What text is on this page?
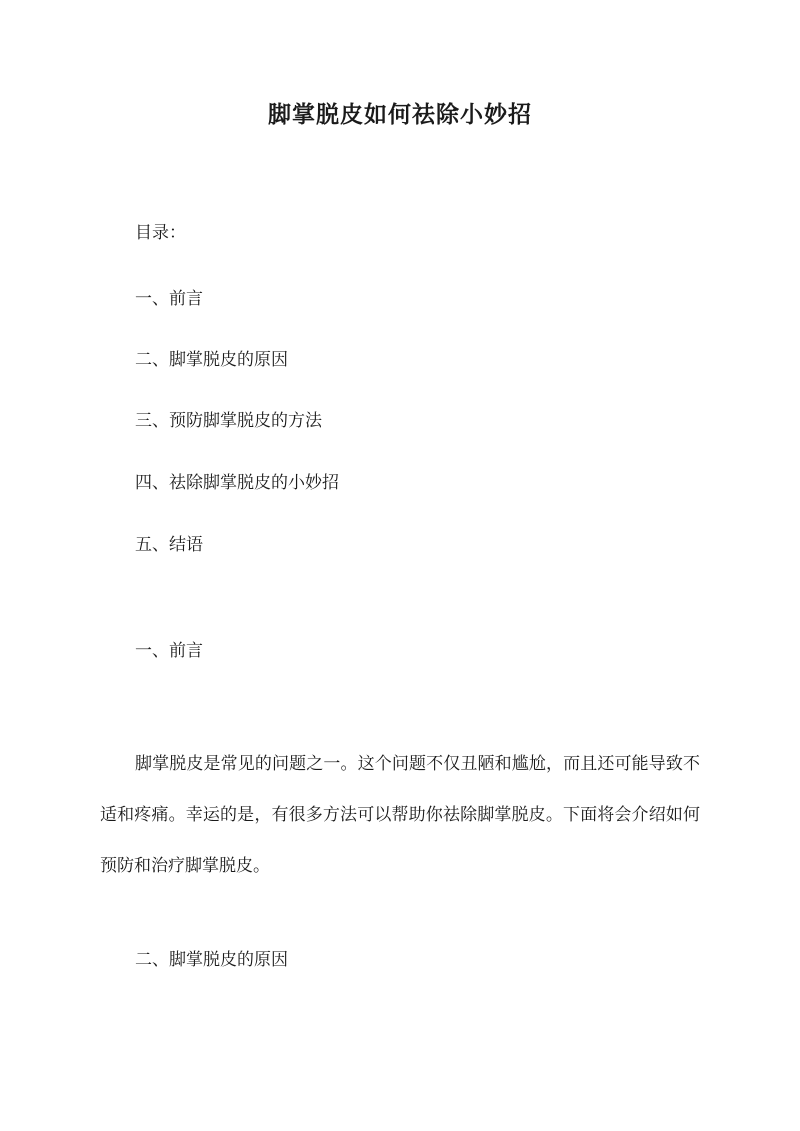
脚掌脱皮如何祛除小妙招

目录：

一、前言

二、脚掌脱皮的原因

三、预防脚掌脱皮的方法

四、祛除脚掌脱皮的小妙招

五、结语

一、前言

脚掌脱皮是常见的问题之一。这个问题不仅丑陋和尴尬，而且还可能导致不适和疼痛。幸运的是，有很多方法可以帮助你祛除脚掌脱皮。下面将会介绍如何预防和治疗脚掌脱皮。

二、脚掌脱皮的原因
